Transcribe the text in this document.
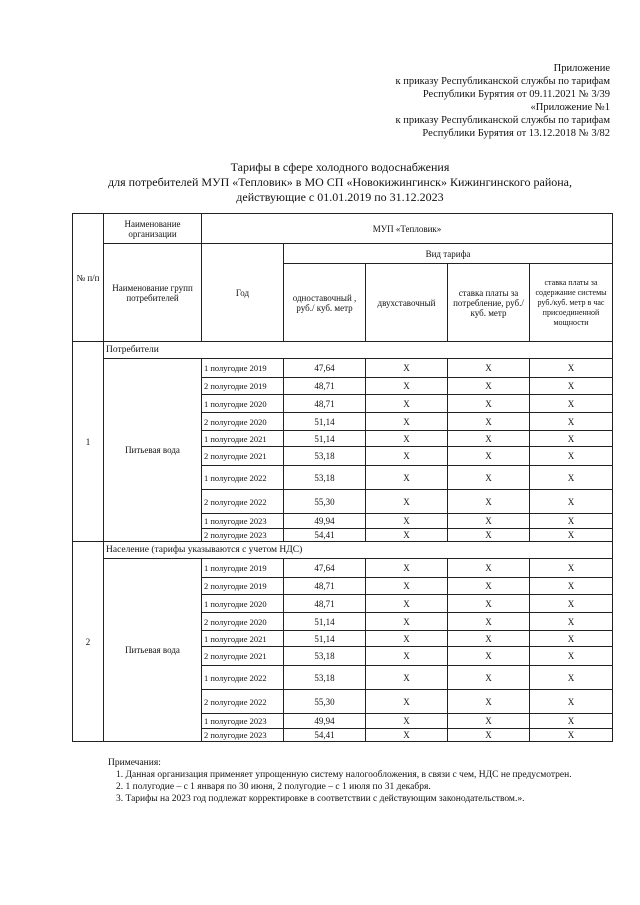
Приложение
к приказу Республиканской службы по тарифам
Республики Бурятия от 09.11.2021 № 3/39
«Приложение №1
к приказу Республиканской службы по тарифам
Республики Бурятия от 13.12.2018 № 3/82
Тарифы в сфере холодного водоснабжения
для потребителей МУП «Тепловик» в МО СП «Новокижингинск» Кижингинского района,
действующие с 01.01.2019 по 31.12.2023
№ п/п	Наименование организации	МУП «Тепловик»				
	Наименование групп потребителей	Год	Вид тарифа			
			одноставочный , руб./ куб. метр	двухставочный	ставка платы за потребление, руб./ куб. метр	ставка платы за содержание системы руб./куб. метр в час присоединенной мощности
1	Потребители					
	Питьевая вода	1 полугодие 2019	47,64	X	X	X
		2 полугодие 2019	48,71	X	X	X
		1 полугодие 2020	48,71	X	X	X
		2 полугодие 2020	51,14	X	X	X
		1 полугодие 2021	51,14	X	X	X
		2 полугодие 2021	53,18	X	X	X
		1 полугодие 2022	53,18	X	X	X
		2 полугодие 2022	55,30	X	X	X
		1 полугодие 2023	49,94	X	X	X
		2 полугодие 2023	54,41	X	X	X
2	Население (тарифы указываются с учетом НДС)					
	Питьевая вода	1 полугодие 2019	47,64	X	X	X
		2 полугодие 2019	48,71	X	X	X
		1 полугодие 2020	48,71	X	X	X
		2 полугодие 2020	51,14	X	X	X
		1 полугодие 2021	51,14	X	X	X
		2 полугодие 2021	53,18	X	X	X
		1 полугодие 2022	53,18	X	X	X
		2 полугодие 2022	55,30	X	X	X
		1 полугодие 2023	49,94	X	X	X
		2 полугодие 2023	54,41	X	X	X

Примечания:

1. Данная организация применяет упрощенную систему налогообложения, в связи с чем, НДС не предусмотрен.

2. 1 полугодие – с 1 января по 30 июня, 2 полугодие – с 1 июля по 31 декабря.

3. Тарифы на 2023 год подлежат корректировке в соответствии с действующим законодательством.».
